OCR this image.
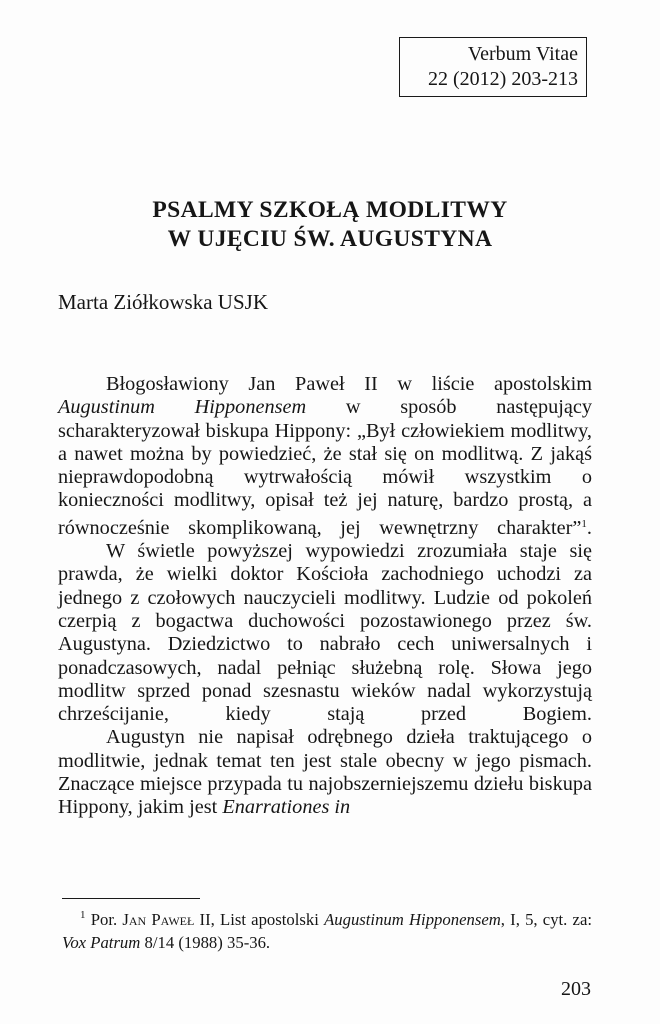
Verbum Vitae
22 (2012) 203-213
PSALMY SZKOŁĄ MODLITWY
W UJĘCIU ŚW. AUGUSTYNA
Marta Ziółkowska USJK

Błogosławiony Jan Paweł II w liście apostolskim Augustinum Hipponensem w sposób następujący scharakteryzował biskupa Hippony: „Był człowiekiem modlitwy, a nawet można by powiedzieć, że stał się on modlitwą. Z jakąś nieprawdopodobną wytrwałością mówił wszystkim o konieczności modlitwy, opisał też jej naturę, bardzo prostą, a równocześnie skomplikowaną, jej wewnętrzny charakter”$^1$.

W świetle powyższej wypowiedzi zrozumiała staje się prawda, że wielki doktor Kościoła zachodniego uchodzi za jednego z czołowych nauczycieli modlitwy. Ludzie od pokoleń czerpią z bogactwa duchowości pozostawionego przez św. Augustyna. Dziedzictwo to nabrało cech uniwersalnych i ponadczasowych, nadal pełniąc służebną rolę. Słowa jego modlitw sprzed ponad szesnastu wieków nadal wykorzystują chrześcijanie, kiedy stają przed Bogiem.

Augustyn nie napisał odrębnego dzieła traktującego o modlitwie, jednak temat ten jest stale obecny w jego pismach. Znaczące miejsce przypada tu najobszerniejszemu dziełu biskupa Hippony, jakim jest Enarrationes in

$^1$ Por. Jan Paweł II, List apostolski Augustinum Hipponensem, I, 5, cyt. za: Vox Patrum 8/14 (1988) 35-36.
203
